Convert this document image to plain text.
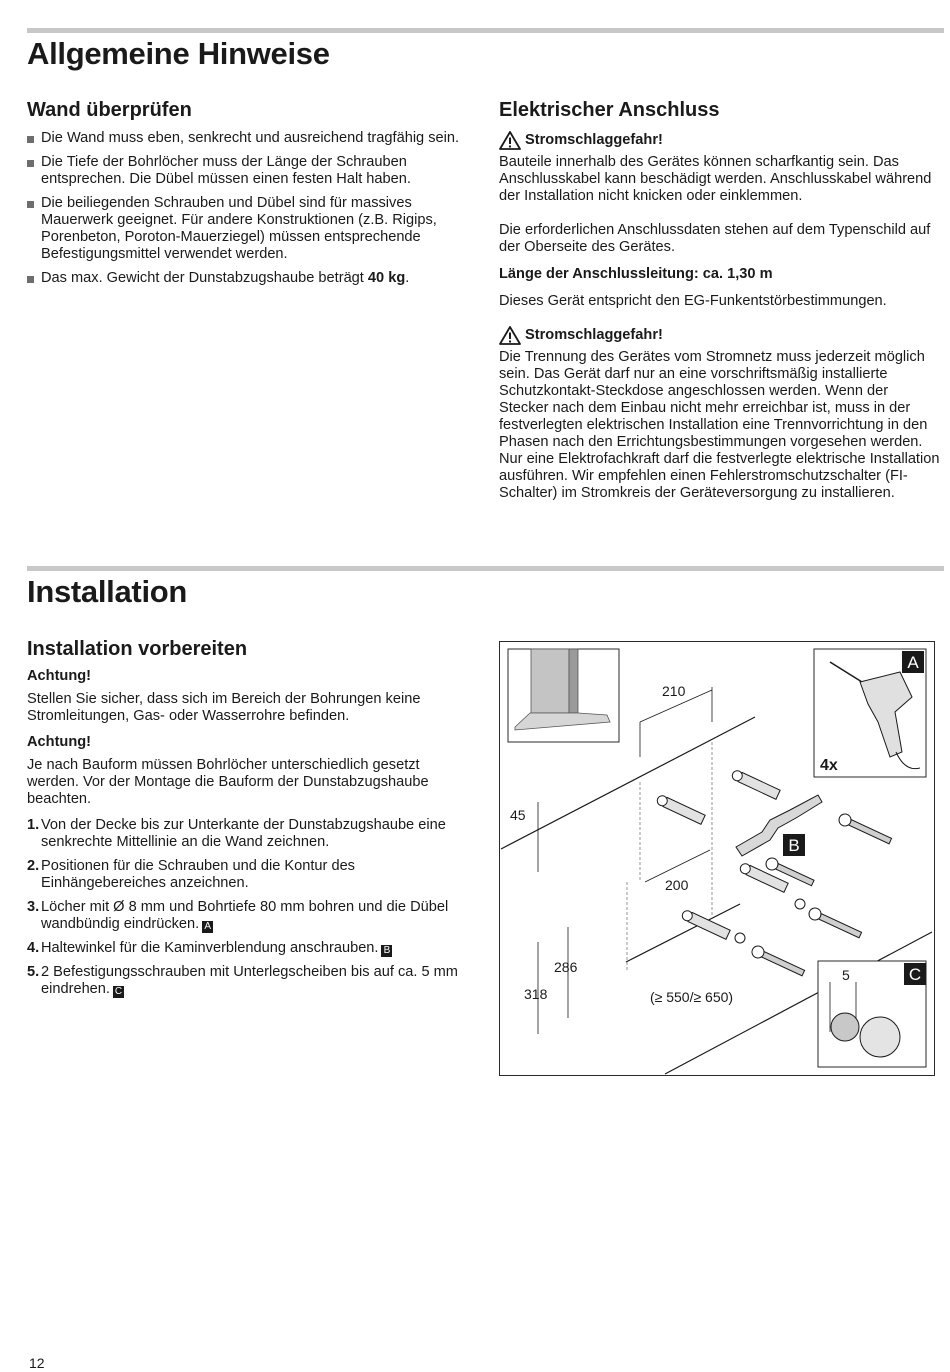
Allgemeine Hinweise
Wand überprüfen
Die Wand muss eben, senkrecht und ausreichend tragfähig sein.
Die Tiefe der Bohrlöcher muss der Länge der Schrauben entsprechen. Die Dübel müssen einen festen Halt haben.
Die beiliegenden Schrauben und Dübel sind für massives Mauerwerk geeignet. Für andere Konstruktionen (z.B. Rigips, Porenbeton, Poroton-Mauerziegel) müssen entsprechende Befestigungsmittel verwendet werden.
Das max. Gewicht der Dunstabzugshaube beträgt 40 kg.
Elektrischer Anschluss
Stromschlaggefahr!

Bauteile innerhalb des Gerätes können scharfkantig sein. Das Anschlusskabel kann beschädigt werden. Anschlusskabel während der Installation nicht knicken oder einklemmen.

Die erforderlichen Anschlussdaten stehen auf dem Typenschild auf der Oberseite des Gerätes.

Länge der Anschlussleitung: ca. 1,30 m

Dieses Gerät entspricht den EG-Funkentstörbestimmungen.

Stromschlaggefahr!

Die Trennung des Gerätes vom Stromnetz muss jederzeit möglich sein. Das Gerät darf nur an eine vorschriftsmäßig installierte Schutzkontakt-Steckdose angeschlossen werden. Wenn der Stecker nach dem Einbau nicht mehr erreichbar ist, muss in der festverlegten elektrischen Installation eine Trennvorrichtung in den Phasen nach den Errichtungsbestimmungen vorgesehen werden. Nur eine Elektrofachkraft darf die festverlegte elektrische Installation ausführen. Wir empfehlen einen Fehlerstromschutzschalter (FI-Schalter) im Stromkreis der Geräteversorgung zu installieren.

Installation
Installation vorbereiten

Achtung!

Stellen Sie sicher, dass sich im Bereich der Bohrungen keine Stromleitungen, Gas- oder Wasserrohre befinden.

Achtung!

Je nach Bauform müssen Bohrlöcher unterschiedlich gesetzt werden. Vor der Montage die Bauform der Dunstabzugshaube beachten.

1. Von der Decke bis zur Unterkante der Dunstabzugshaube eine senkrechte Mittellinie an die Wand zeichnen.
2. Positionen für die Schrauben und die Kontur des Einhängebereiches anzeichnen.
3. Löcher mit Ø 8 mm und Bohrtiefe 80 mm bohren und die Dübel wandbündig eindrücken. A
4. Haltewinkel für die Kaminverblendung anschrauben. B
5. 2 Befestigungsschrauben mit Unterlegscheiben bis auf ca. 5 mm eindrehen. C
210
45
200
286
318	(≥ 550/≥ 650)
A
4x
B
5	C
12
